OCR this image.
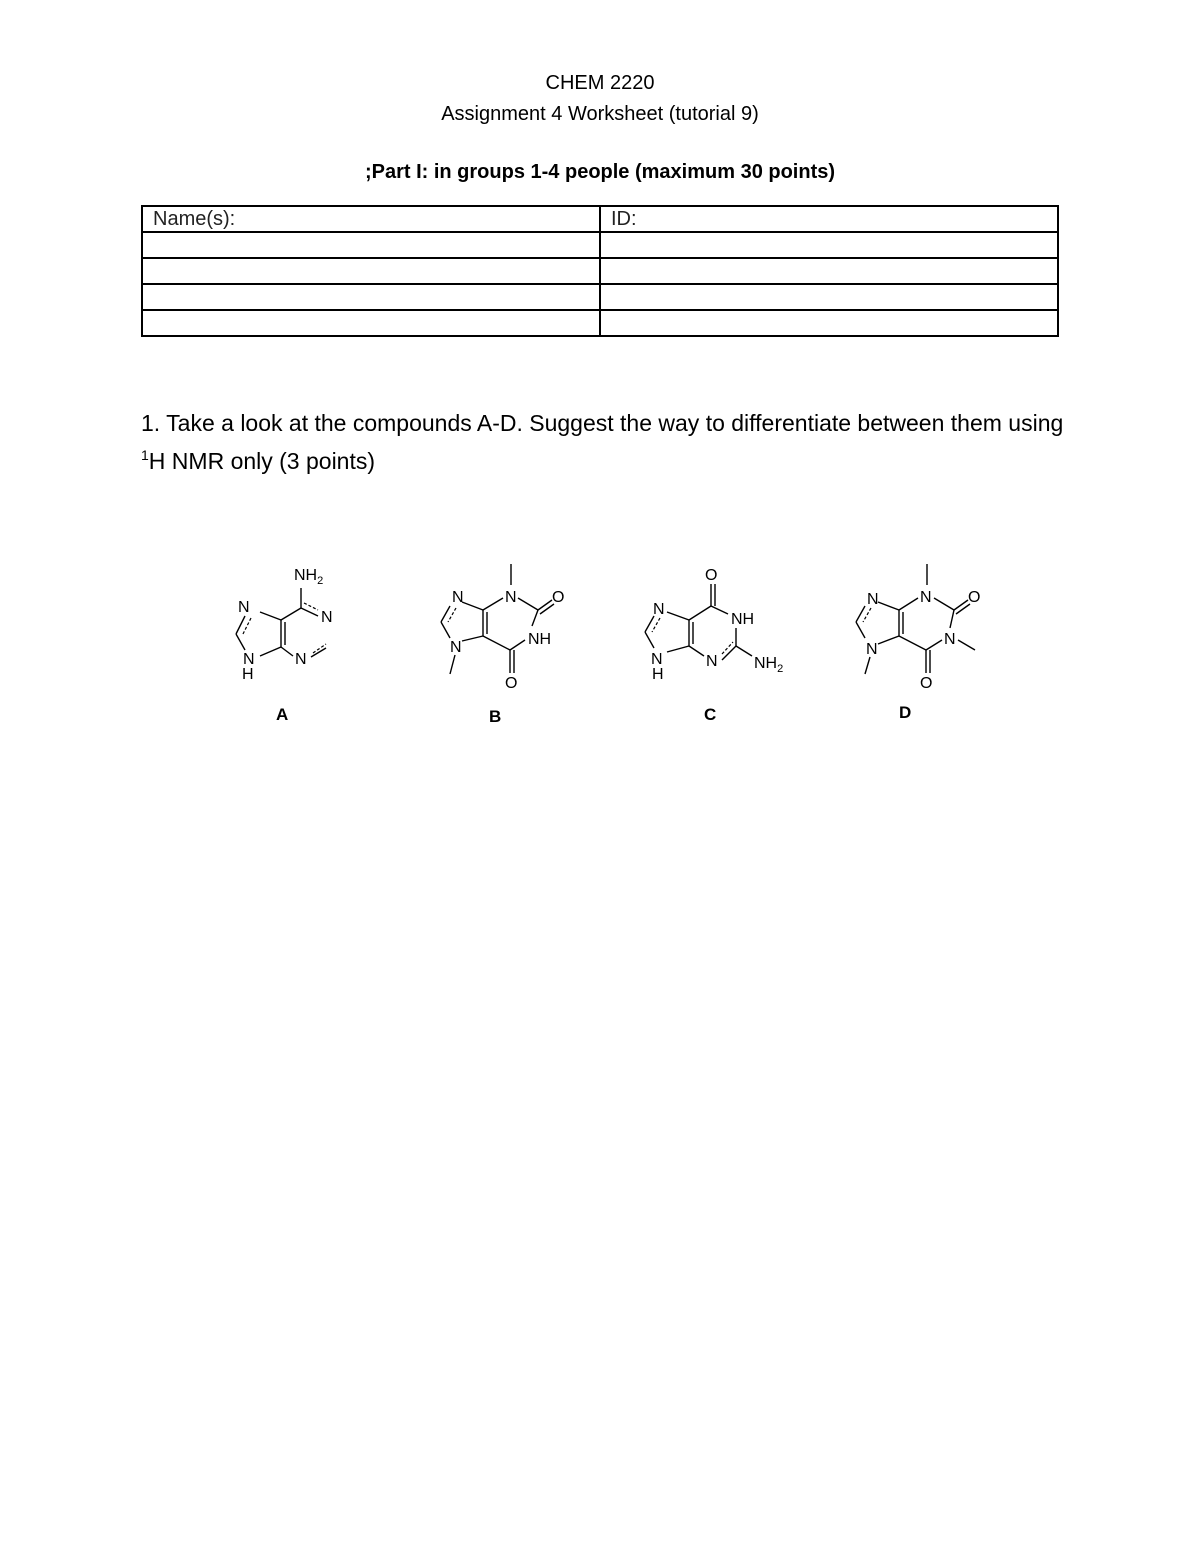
CHEM 2220
Assignment 4 Worksheet (tutorial 9)
;Part I: in groups 1-4 people (maximum 30 points)
Name(s):	ID:

1. Take a look at the compounds A-D. Suggest the way to differentiate between them using $^1$H NMR only (3 points)
N
N
H
N
N
$NH_2$
A
N	N O
NH
N
O
B
N
O
NH
N
H
N $NH_2$
C
N	N O
N
N
O
D
